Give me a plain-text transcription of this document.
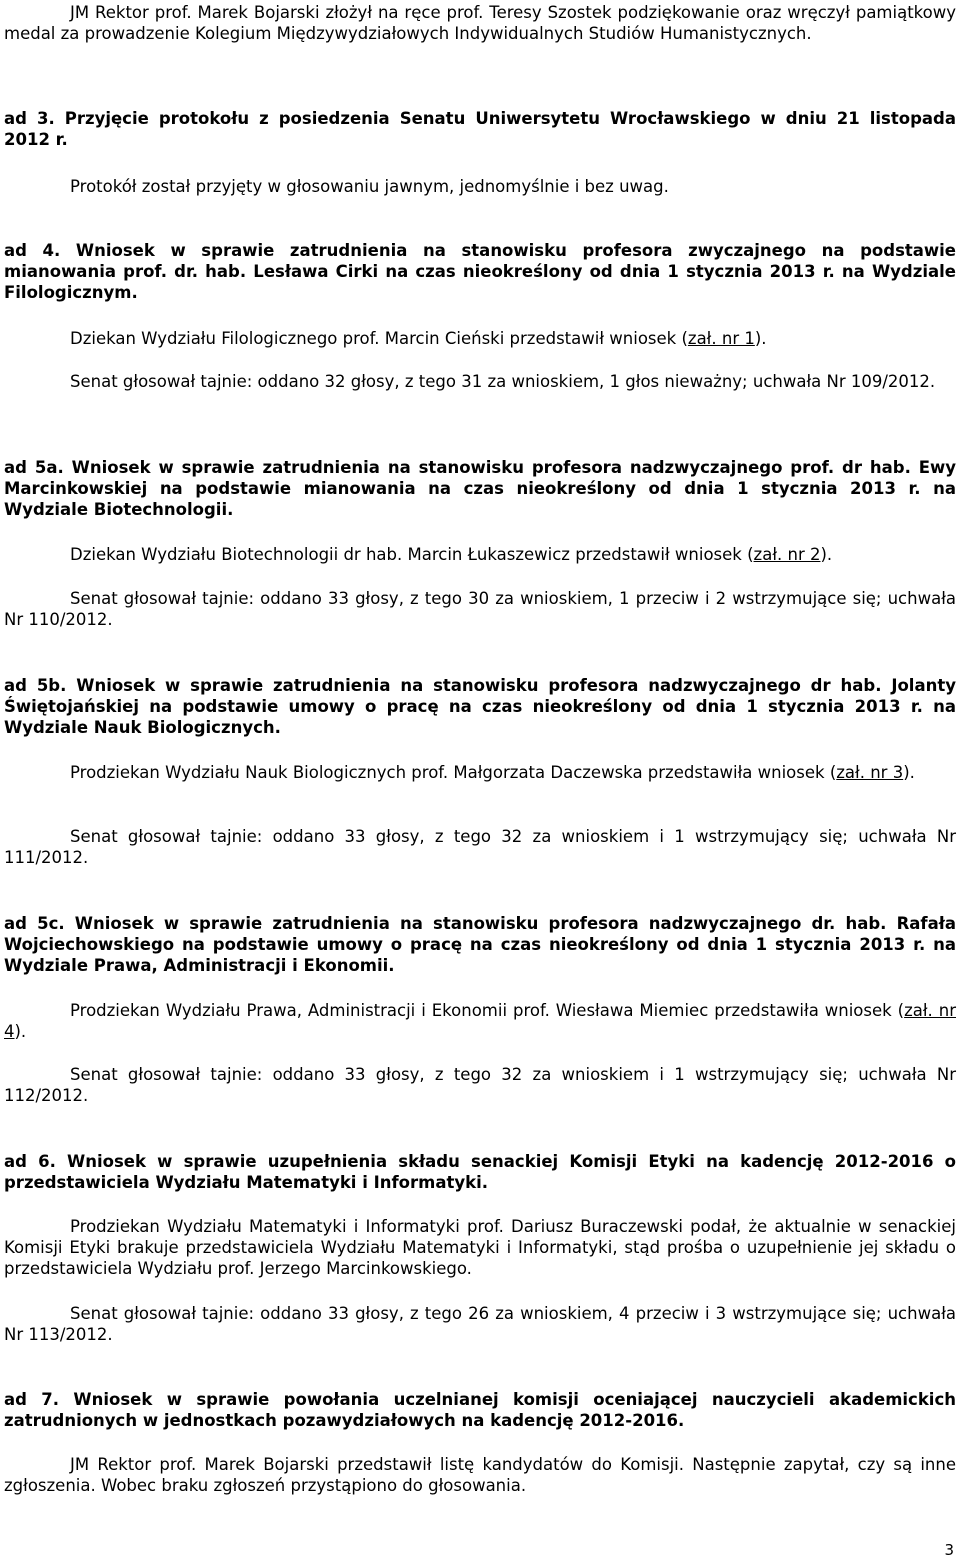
JM Rektor prof. Marek Bojarski złożył na ręce prof. Teresy Szostek podziękowanie oraz wręczył pamiątkowy medal za prowadzenie Kolegium Międzywydziałowych Indywidualnych Studiów Humanistycznych.

ad 3. Przyjęcie protokołu z posiedzenia Senatu Uniwersytetu Wrocławskiego w dniu 21 listopada 2012 r.

Protokół został przyjęty w głosowaniu jawnym, jednomyślnie i bez uwag.

ad 4. Wniosek w sprawie zatrudnienia na stanowisku profesora zwyczajnego na podstawie mianowania prof. dr. hab. Lesława Cirki na czas nieokreślony od dnia 1 stycznia 2013 r. na Wydziale Filologicznym.

Dziekan Wydziału Filologicznego prof. Marcin Cieński przedstawił wniosek (zał. nr 1).

Senat głosował tajnie: oddano 32 głosy, z tego 31 za wnioskiem, 1 głos nieważny; uchwała Nr 109/2012.

ad 5a. Wniosek w sprawie zatrudnienia na stanowisku profesora nadzwyczajnego prof. dr hab. Ewy Marcinkowskiej na podstawie mianowania na czas nieokreślony od dnia 1 stycznia 2013 r. na Wydziale Biotechnologii.

Dziekan Wydziału Biotechnologii dr hab. Marcin Łukaszewicz przedstawił wniosek (zał. nr 2).

Senat głosował tajnie: oddano 33 głosy, z tego 30 za wnioskiem, 1 przeciw i 2 wstrzymujące się; uchwała Nr 110/2012.

ad 5b. Wniosek w sprawie zatrudnienia na stanowisku profesora nadzwyczajnego dr hab. Jolanty Świętojańskiej na podstawie umowy o pracę na czas nieokreślony od dnia 1 stycznia 2013 r. na Wydziale Nauk Biologicznych.

Prodziekan Wydziału Nauk Biologicznych prof. Małgorzata Daczewska przedstawiła wniosek (zał. nr 3).

Senat głosował tajnie: oddano 33 głosy, z tego 32 za wnioskiem i 1 wstrzymujący się; uchwała Nr 111/2012.

ad 5c. Wniosek w sprawie zatrudnienia na stanowisku profesora nadzwyczajnego dr. hab. Rafała Wojciechowskiego na podstawie umowy o pracę na czas nieokreślony od dnia 1 stycznia 2013 r. na Wydziale Prawa, Administracji i Ekonomii.

Prodziekan Wydziału Prawa, Administracji i Ekonomii prof. Wiesława Miemiec przedstawiła wniosek (zał. nr 4).

Senat głosował tajnie: oddano 33 głosy, z tego 32 za wnioskiem i 1 wstrzymujący się; uchwała Nr 112/2012.

ad 6. Wniosek w sprawie uzupełnienia składu senackiej Komisji Etyki na kadencję 2012-2016 o przedstawiciela Wydziału Matematyki i Informatyki.

Prodziekan Wydziału Matematyki i Informatyki prof. Dariusz Buraczewski podał, że aktualnie w senackiej Komisji Etyki brakuje przedstawiciela Wydziału Matematyki i Informatyki, stąd prośba o uzupełnienie jej składu o przedstawiciela Wydziału prof. Jerzego Marcinkowskiego.

Senat głosował tajnie: oddano 33 głosy, z tego 26 za wnioskiem, 4 przeciw i 3 wstrzymujące się; uchwała Nr 113/2012.

ad 7. Wniosek w sprawie powołania uczelnianej komisji oceniającej nauczycieli akademickich zatrudnionych w jednostkach pozawydziałowych na kadencję 2012-2016.

JM Rektor prof. Marek Bojarski przedstawił listę kandydatów do Komisji. Następnie zapytał, czy są inne zgłoszenia. Wobec braku zgłoszeń przystąpiono do głosowania.

3
